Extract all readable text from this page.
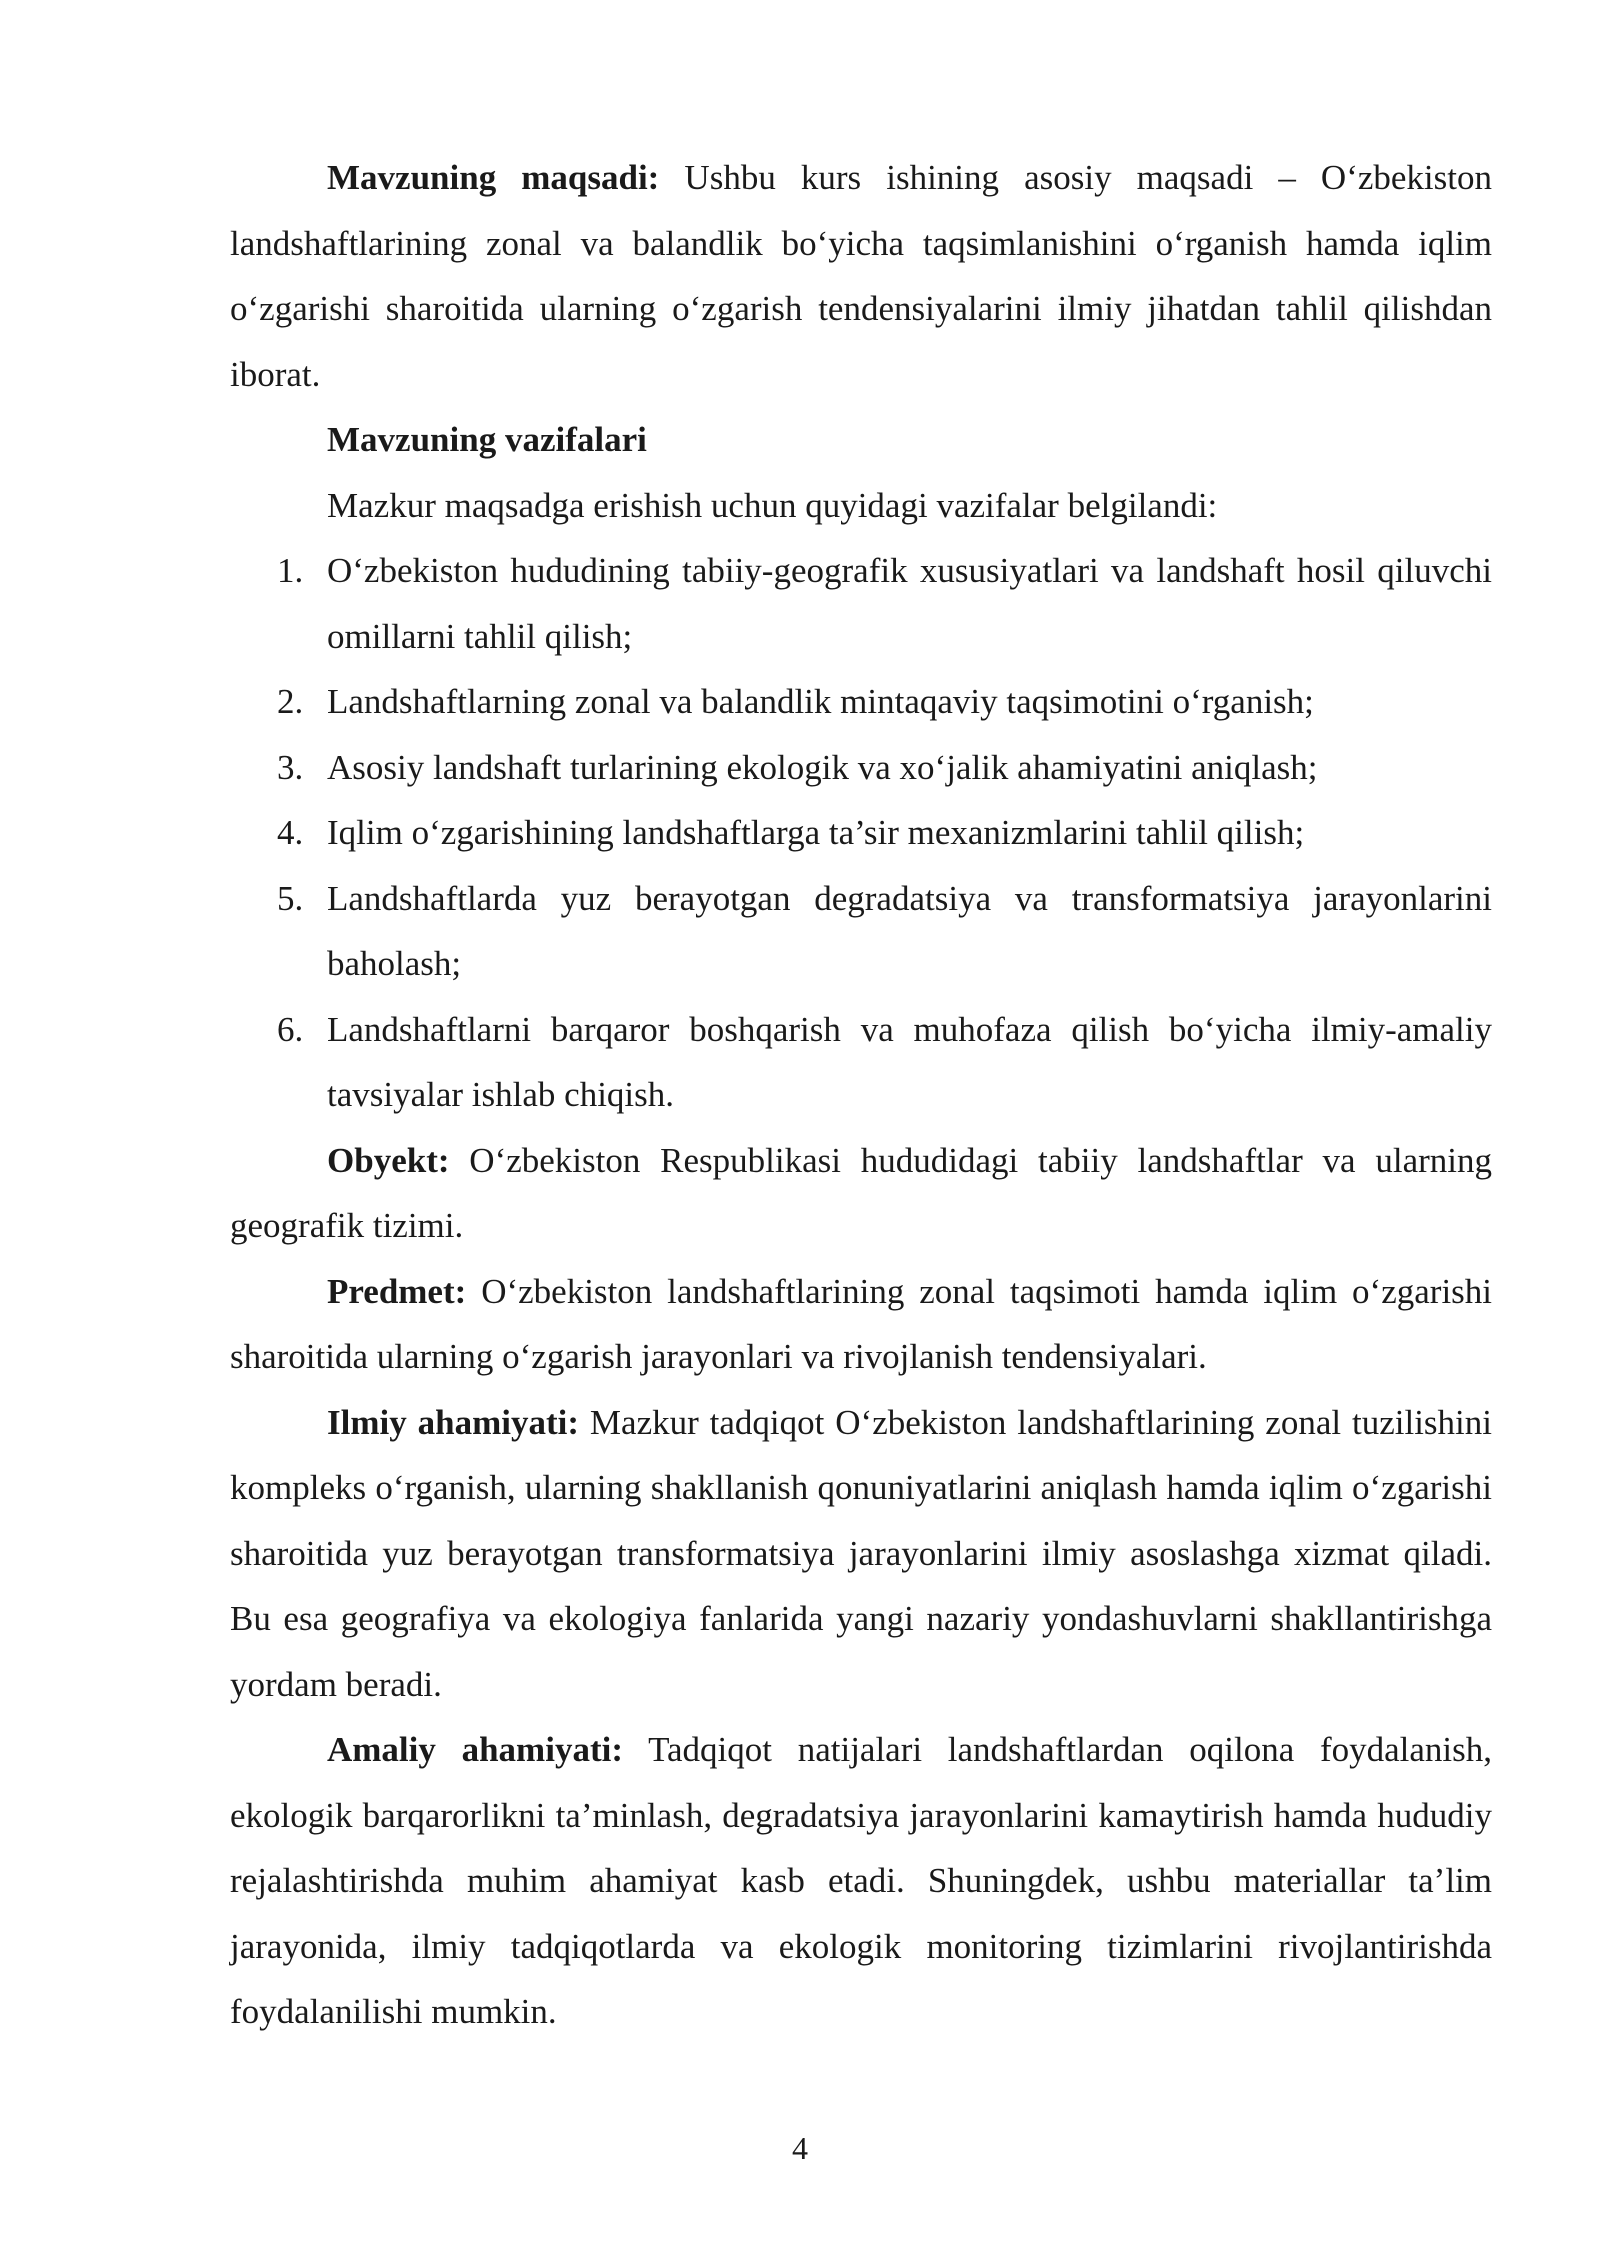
Mavzuning maqsadi: Ushbu kurs ishining asosiy maqsadi – O‘zbekiston landshaftlarining zonal va balandlik bo‘yicha taqsimlanishini o‘rganish hamda iqlim o‘zgarishi sharoitida ularning o‘zgarish tendensiyalarini ilmiy jihatdan tahlil qilishdan iborat.

Mavzuning vazifalari

Mazkur maqsadga erishish uchun quyidagi vazifalar belgilandi:

1. O‘zbekiston hududining tabiiy-geografik xususiyatlari va landshaft hosil qiluvchi omillarni tahlil qilish;
2. Landshaftlarning zonal va balandlik mintaqaviy taqsimotini o‘rganish;
3. Asosiy landshaft turlarining ekologik va xo‘jalik ahamiyatini aniqlash;
4. Iqlim o‘zgarishining landshaftlarga ta’sir mexanizmlarini tahlil qilish;
5. Landshaftlarda yuz berayotgan degradatsiya va transformatsiya jarayonlarini baholash;
6. Landshaftlarni barqaror boshqarish va muhofaza qilish bo‘yicha ilmiy-amaliy tavsiyalar ishlab chiqish.

Obyekt: O‘zbekiston Respublikasi hududidagi tabiiy landshaftlar va ularning geografik tizimi.

Predmet: O‘zbekiston landshaftlarining zonal taqsimoti hamda iqlim o‘zgarishi sharoitida ularning o‘zgarish jarayonlari va rivojlanish tendensiyalari.

Ilmiy ahamiyati: Mazkur tadqiqot O‘zbekiston landshaftlarining zonal tuzilishini kompleks o‘rganish, ularning shakllanish qonuniyatlarini aniqlash hamda iqlim o‘zgarishi sharoitida yuz berayotgan transformatsiya jarayonlarini ilmiy asoslashga xizmat qiladi. Bu esa geografiya va ekologiya fanlarida yangi nazariy yondashuvlarni shakllantirishga yordam beradi.

Amaliy ahamiyati: Tadqiqot natijalari landshaftlardan oqilona foydalanish, ekologik barqarorlikni ta’minlash, degradatsiya jarayonlarini kamaytirish hamda hududiy rejalashtirishda muhim ahamiyat kasb etadi. Shuningdek, ushbu materiallar ta’lim jarayonida, ilmiy tadqiqotlarda va ekologik monitoring tizimlarini rivojlantirishda foydalanilishi mumkin.

4
